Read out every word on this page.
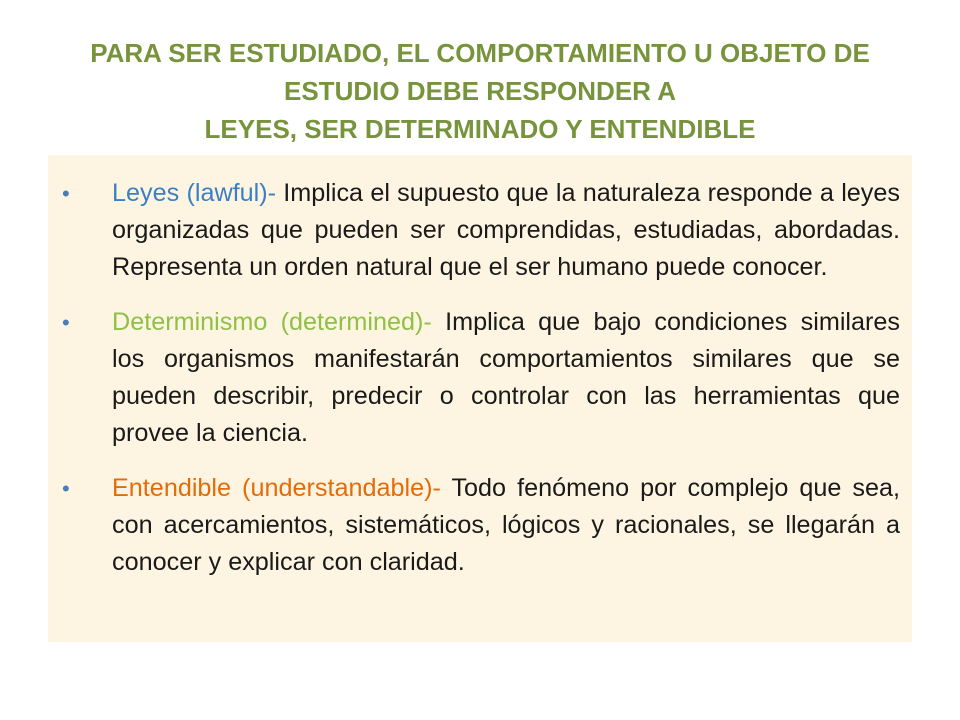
PARA SER ESTUDIADO, EL COMPORTAMIENTO U OBJETO DE
ESTUDIO DEBE RESPONDER A
LEYES, SER DETERMINADO Y ENTENDIBLE
•	Leyes (lawful)- Implica el supuesto que la naturaleza responde a leyes organizadas que pueden ser comprendidas, estudiadas, abordadas. Representa un orden natural que el ser humano puede conocer.
•	Determinismo (determined)- Implica que bajo condiciones similares los organismos manifestarán comportamientos similares que se pueden describir, predecir o controlar con las herramientas que provee la ciencia.
•	Entendible (understandable)- Todo fenómeno por complejo que sea, con acercamientos, sistemáticos, lógicos y racionales, se llegarán a conocer y explicar con claridad.
